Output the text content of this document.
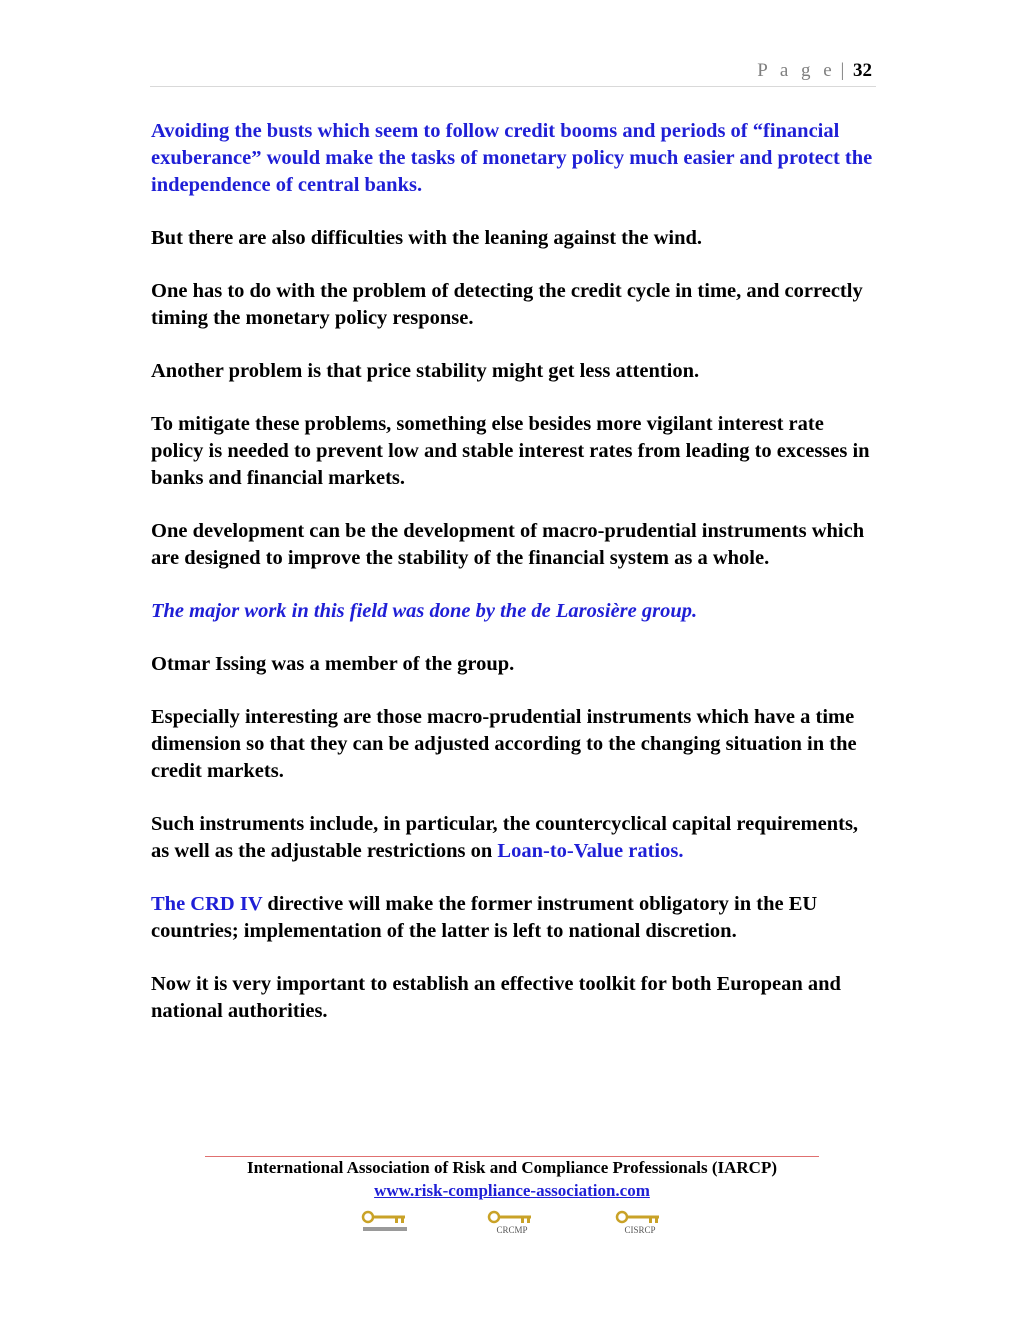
P a g e | 32

Avoiding the busts which seem to follow credit booms and periods of “financial exuberance” would make the tasks of monetary policy much easier and protect the independence of central banks.

But there are also difficulties with the leaning against the wind.

One has to do with the problem of detecting the credit cycle in time, and correctly timing the monetary policy response.

Another problem is that price stability might get less attention.

To mitigate these problems, something else besides more vigilant interest rate policy is needed to prevent low and stable interest rates from leading to excesses in banks and financial markets.

One development can be the development of macro-prudential instruments which are designed to improve the stability of the financial system as a whole.

The major work in this field was done by the de Larosière group.

Otmar Issing was a member of the group.

Especially interesting are those macro-prudential instruments which have a time dimension so that they can be adjusted according to the changing situation in the credit markets.

Such instruments include, in particular, the countercyclical capital requirements, as well as the adjustable restrictions on Loan-to-Value ratios.

The CRD IV directive will make the former instrument obligatory in the EU countries; implementation of the latter is left to national discretion.

Now it is very important to establish an effective toolkit for both European and national authorities.

International Association of Risk and Compliance Professionals (IARCP)
www.risk-compliance-association.com
CRCMP	CISRCP
